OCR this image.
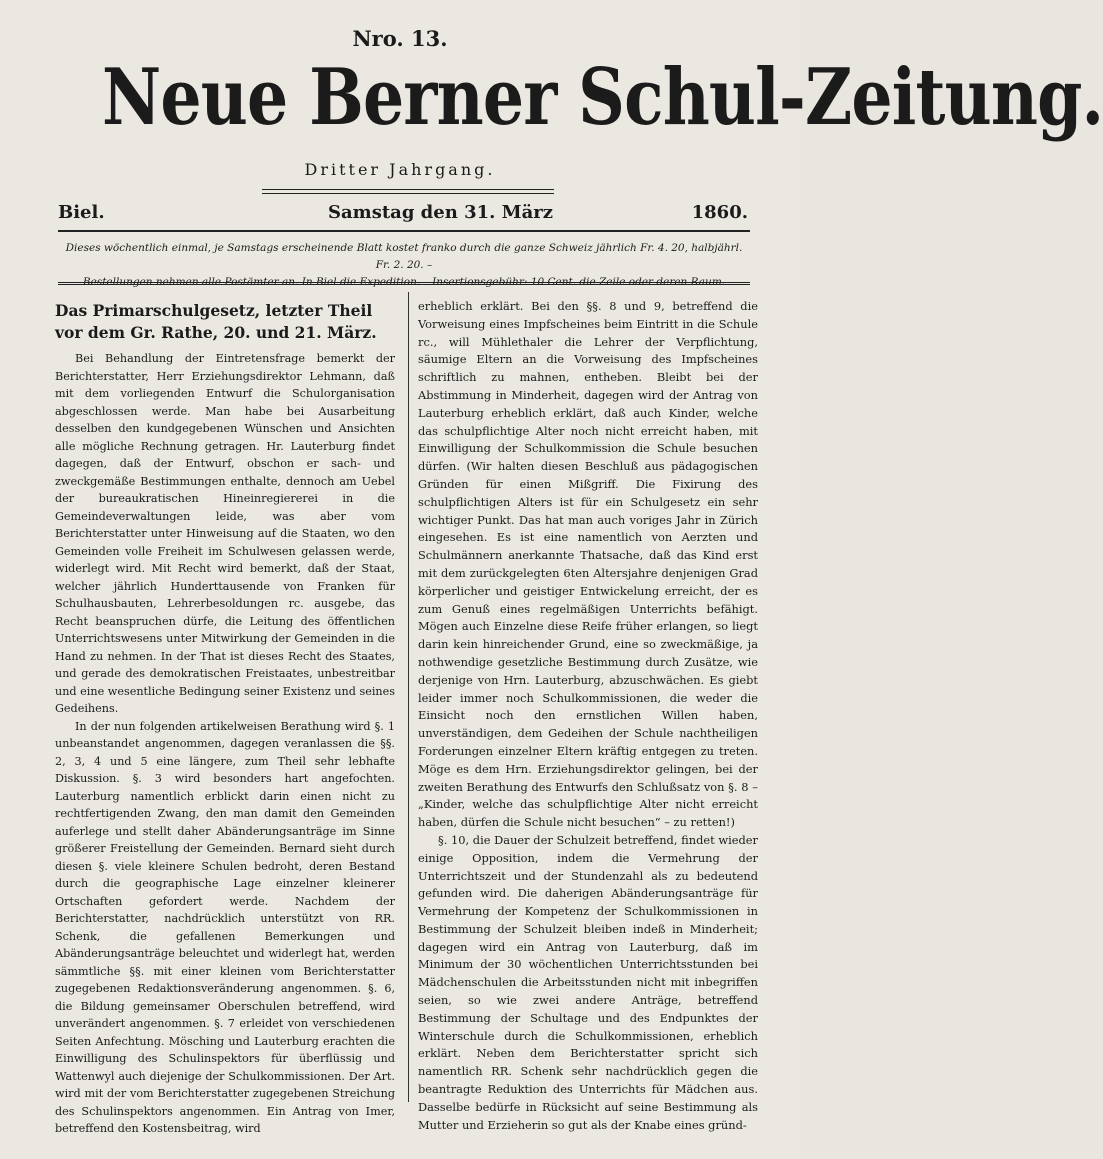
Nro. 13.
Neue Berner Schul-Zeitung.
Dritter Jahrgang.
Biel.	Samstag den 31. März	1860.
Dieses wöchentlich einmal, je Samstags erscheinende Blatt kostet franko durch die ganze Schweiz jährlich Fr. 4. 20, halbjährl. Fr. 2. 20. –
Bestellungen nehmen alle Postämter an. In Biel die Expedition. – Insertionsgebühr: 10 Cent. die Zeile oder deren Raum.
Das Primarschulgesetz, letzter Theil vor dem Gr. Rathe, 20. und 21. März.

Bei Behandlung der Eintretensfrage bemerkt der Berichterstatter, Herr Erziehungsdirektor Lehmann, daß mit dem vorliegenden Entwurf die Schulorganisation abgeschlossen werde. Man habe bei Ausarbeitung desselben den kundgegebenen Wünschen und Ansichten alle mögliche Rechnung getragen. Hr. Lauterburg findet dagegen, daß der Entwurf, obschon er sach- und zweckgemäße Bestimmungen enthalte, dennoch am Uebel der bureaukratischen Hineinregiererei in die Gemeindeverwaltungen leide, was aber vom Berichterstatter unter Hinweisung auf die Staaten, wo den Gemeinden volle Freiheit im Schulwesen gelassen werde, widerlegt wird. Mit Recht wird bemerkt, daß der Staat, welcher jährlich Hunderttausende von Franken für Schulhausbauten, Lehrerbesoldungen rc. ausgebe, das Recht beanspruchen dürfe, die Leitung des öffentlichen Unterrichtswesens unter Mitwirkung der Gemeinden in die Hand zu nehmen. In der That ist dieses Recht des Staates, und gerade des demokratischen Freistaates, unbestreitbar und eine wesentliche Bedingung seiner Existenz und seines Gedeihens.

In der nun folgenden artikelweisen Berathung wird §. 1 unbeanstandet angenommen, dagegen veranlassen die §§. 2, 3, 4 und 5 eine längere, zum Theil sehr lebhafte Diskussion. §. 3 wird besonders hart angefochten. Lauterburg namentlich erblickt darin einen nicht zu rechtfertigenden Zwang, den man damit den Gemeinden auferlege und stellt daher Abänderungsanträge im Sinne größerer Freistellung der Gemeinden. Bernard sieht durch diesen §. viele kleinere Schulen bedroht, deren Bestand durch die geographische Lage einzelner kleinerer Ortschaften gefordert werde. Nachdem der Berichterstatter, nachdrücklich unterstützt von RR. Schenk, die gefallenen Bemerkungen und Abänderungsanträge beleuchtet und widerlegt hat, werden sämmtliche §§. mit einer kleinen vom Berichterstatter zugegebenen Redaktionsveränderung angenommen. §. 6, die Bildung gemeinsamer Oberschulen betreffend, wird unverändert angenommen. §. 7 erleidet von verschiedenen Seiten Anfechtung. Mösching und Lauterburg erachten die Einwilligung des Schulinspektors für überflüssig und Wattenwyl auch diejenige der Schulkommissionen. Der Art. wird mit der vom Berichterstatter zugegebenen Streichung des Schulinspektors angenommen. Ein Antrag von Imer, betreffend den Kostensbeitrag, wird

erheblich erklärt. Bei den §§. 8 und 9, betreffend die Vorweisung eines Impfscheines beim Eintritt in die Schule rc., will Mühlethaler die Lehrer der Verpflichtung, säumige Eltern an die Vorweisung des Impfscheines schriftlich zu mahnen, entheben. Bleibt bei der Abstimmung in Minderheit, dagegen wird der Antrag von Lauterburg erheblich erklärt, daß auch Kinder, welche das schulpflichtige Alter noch nicht erreicht haben, mit Einwilligung der Schulkommission die Schule besuchen dürfen. (Wir halten diesen Beschluß aus pädagogischen Gründen für einen Mißgriff. Die Fixirung des schulpflichtigen Alters ist für ein Schulgesetz ein sehr wichtiger Punkt. Das hat man auch voriges Jahr in Zürich eingesehen. Es ist eine namentlich von Aerzten und Schulmännern anerkannte Thatsache, daß das Kind erst mit dem zurückgelegten 6ten Altersjahre denjenigen Grad körperlicher und geistiger Entwickelung erreicht, der es zum Genuß eines regelmäßigen Unterrichts befähigt. Mögen auch Einzelne diese Reife früher erlangen, so liegt darin kein hinreichender Grund, eine so zweckmäßige, ja nothwendige gesetzliche Bestimmung durch Zusätze, wie derjenige von Hrn. Lauterburg, abzuschwächen. Es giebt leider immer noch Schulkommissionen, die weder die Einsicht noch den ernstlichen Willen haben, unverständigen, dem Gedeihen der Schule nachtheiligen Forderungen einzelner Eltern kräftig entgegen zu treten. Möge es dem Hrn. Erziehungsdirektor gelingen, bei der zweiten Berathung des Entwurfs den Schlußsatz von §. 8 – „Kinder, welche das schulpflichtige Alter nicht erreicht haben, dürfen die Schule nicht besuchen“ – zu retten!)

§. 10, die Dauer der Schulzeit betreffend, findet wieder einige Opposition, indem die Vermehrung der Unterrichtszeit und der Stundenzahl als zu bedeutend gefunden wird. Die daherigen Abänderungsanträge für Vermehrung der Kompetenz der Schulkommissionen in Bestimmung der Schulzeit bleiben indeß in Minderheit; dagegen wird ein Antrag von Lauterburg, daß im Minimum der 30 wöchentlichen Unterrichtsstunden bei Mädchenschulen die Arbeitsstunden nicht mit inbegriffen seien, so wie zwei andere Anträge, betreffend Bestimmung der Schultage und des Endpunktes der Winterschule durch die Schulkommissionen, erheblich erklärt. Neben dem Berichterstatter spricht sich namentlich RR. Schenk sehr nachdrücklich gegen die beantragte Reduktion des Unterrichts für Mädchen aus. Dasselbe bedürfe in Rücksicht auf seine Bestimmung als Mutter und Erzieherin so gut als der Knabe eines gründ-
